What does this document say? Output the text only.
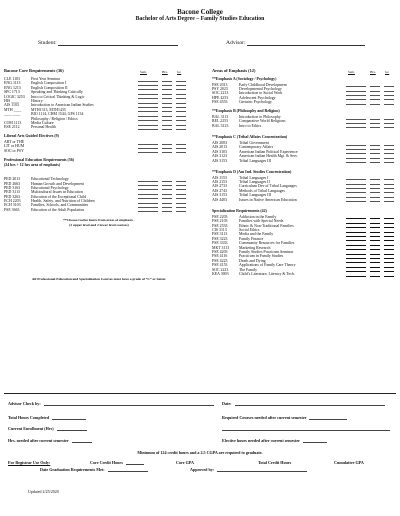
Bacone College
Bachelor of Arts Degree – Family Studies Education
Student:	Advisor:
Bacone Core Requirements (36)	Sem.	Hrs.	Gr.
CLE 1103	First Year Seminar
ENG 1113	English Composition I
ENG 1213	English Composition II
SPC 1713	Speaking and Thinking Critically
LOGIC 3253	Intro to Critical Thinking & Logic
HIS ____	History
AIS 1103	Introduction to American Indian Studies
MTH ____	MTH1313, MTH1435
____ ____	BIO 1114, CHM 1544, GPS 1134
Philosophy / Religion / Ethics
COM 1113	Media Culture
ESE 2112	Personal Health
Liberal Arts Guided Electives (9)
ART or THE
LIT or HUM
SOC or PSY
Professional Education Requirements (36)
(24 hrs + 12 hrs area of emphasis)
PED 2013	Educational Technology
PED 2663	Human Growth and Development
PED 3163	Educational Psychology
PED 3113	Multicultural Issues in Education
PED 3263	Education of the Exceptional Child
ECH 2203	Health, Safety, and Nutrition of Children
ECH 3103	Families, Schools, and Communities
FSE 3663	Education of the Adult Population
**Choose twelve hours from areas of emphasis -
(2 upper level and 2 lower level courses)
All Professional Education and Specialization Courses must have a grade of “C” or better.
Areas of Emphasis (12)	Sem.	Hrs.	Gr.
**Emphasis A (Sociology / Psychology)
FSE 2013	Early Childhood Development
PSY 2023	Developmental Psychology
SOC 2213	Introduction to Social Work
HPE 4253	Adolescent Psychology
FSE 4553	Geriatric Psychology
**Emphasis B (Philosophy and Religion)
BAL 3113	Introduction to Philosophy
REL 2253	Comparative World Religions
BAL 3123	Intro to Ethics
**Emphasis C (Tribal Affairs Concentration)
AIS 2003	Tribal Government
AIS 2013	Contemporary Affairs
AIS 3103	American Indian Political Experience
AIS 3123	American Indian Health Mgt. & Serv.
AIS 3153	Tribal Languages III
**Emphasis D (Am Ind. Studies Concentration)
AIS 1153	Tribal Languages I
AIS 2153	Tribal Languages II
AIS 2733	Curriculum Dev of Tribal Languages
AIS 2743	Methods of Tribal Languages
AIS 3153	Tribal Languages III
AIS 4403	Issues in Native American Education
Specialization Requirements (42)
FSE 2203	Addiction in the Family
FSE 2103	Families with Special Needs
FSE 2533	Ethnic & Non-Traditional Families
CIS 3113	Social Ethics
FSE 3113	Media and the Family
FSE 3223	Family Finance
FSE 3333	Community Resources for Families
MKT 3113	Marketing Research
FSE 4203	Family Studies Practicum Seminar
FSE 4116	Practicum in Family Studies
FSE 4223	Death and Dying
FSE 4153	Applications of Family Care Theory
SOC 2223	The Family
KEA 3003	Child’s Literature, Literacy & Tech.
Advisor Check by:	Date:
Total Hours Completed	Required Courses needed after current semester
Current Enrollment (Hrs)
Hrs. needed after current semester	Elective hours needed after current semester
Minimum of 124 credit hours and a 2.5 CGPA are required to graduate.
For Registrar Use Only:	Core Credit Hours	Core GPA	Total Credit Hours	Cumulative GPA
Date Graduation Requirements Met:	Approved by:
Updated 2/25/2020
